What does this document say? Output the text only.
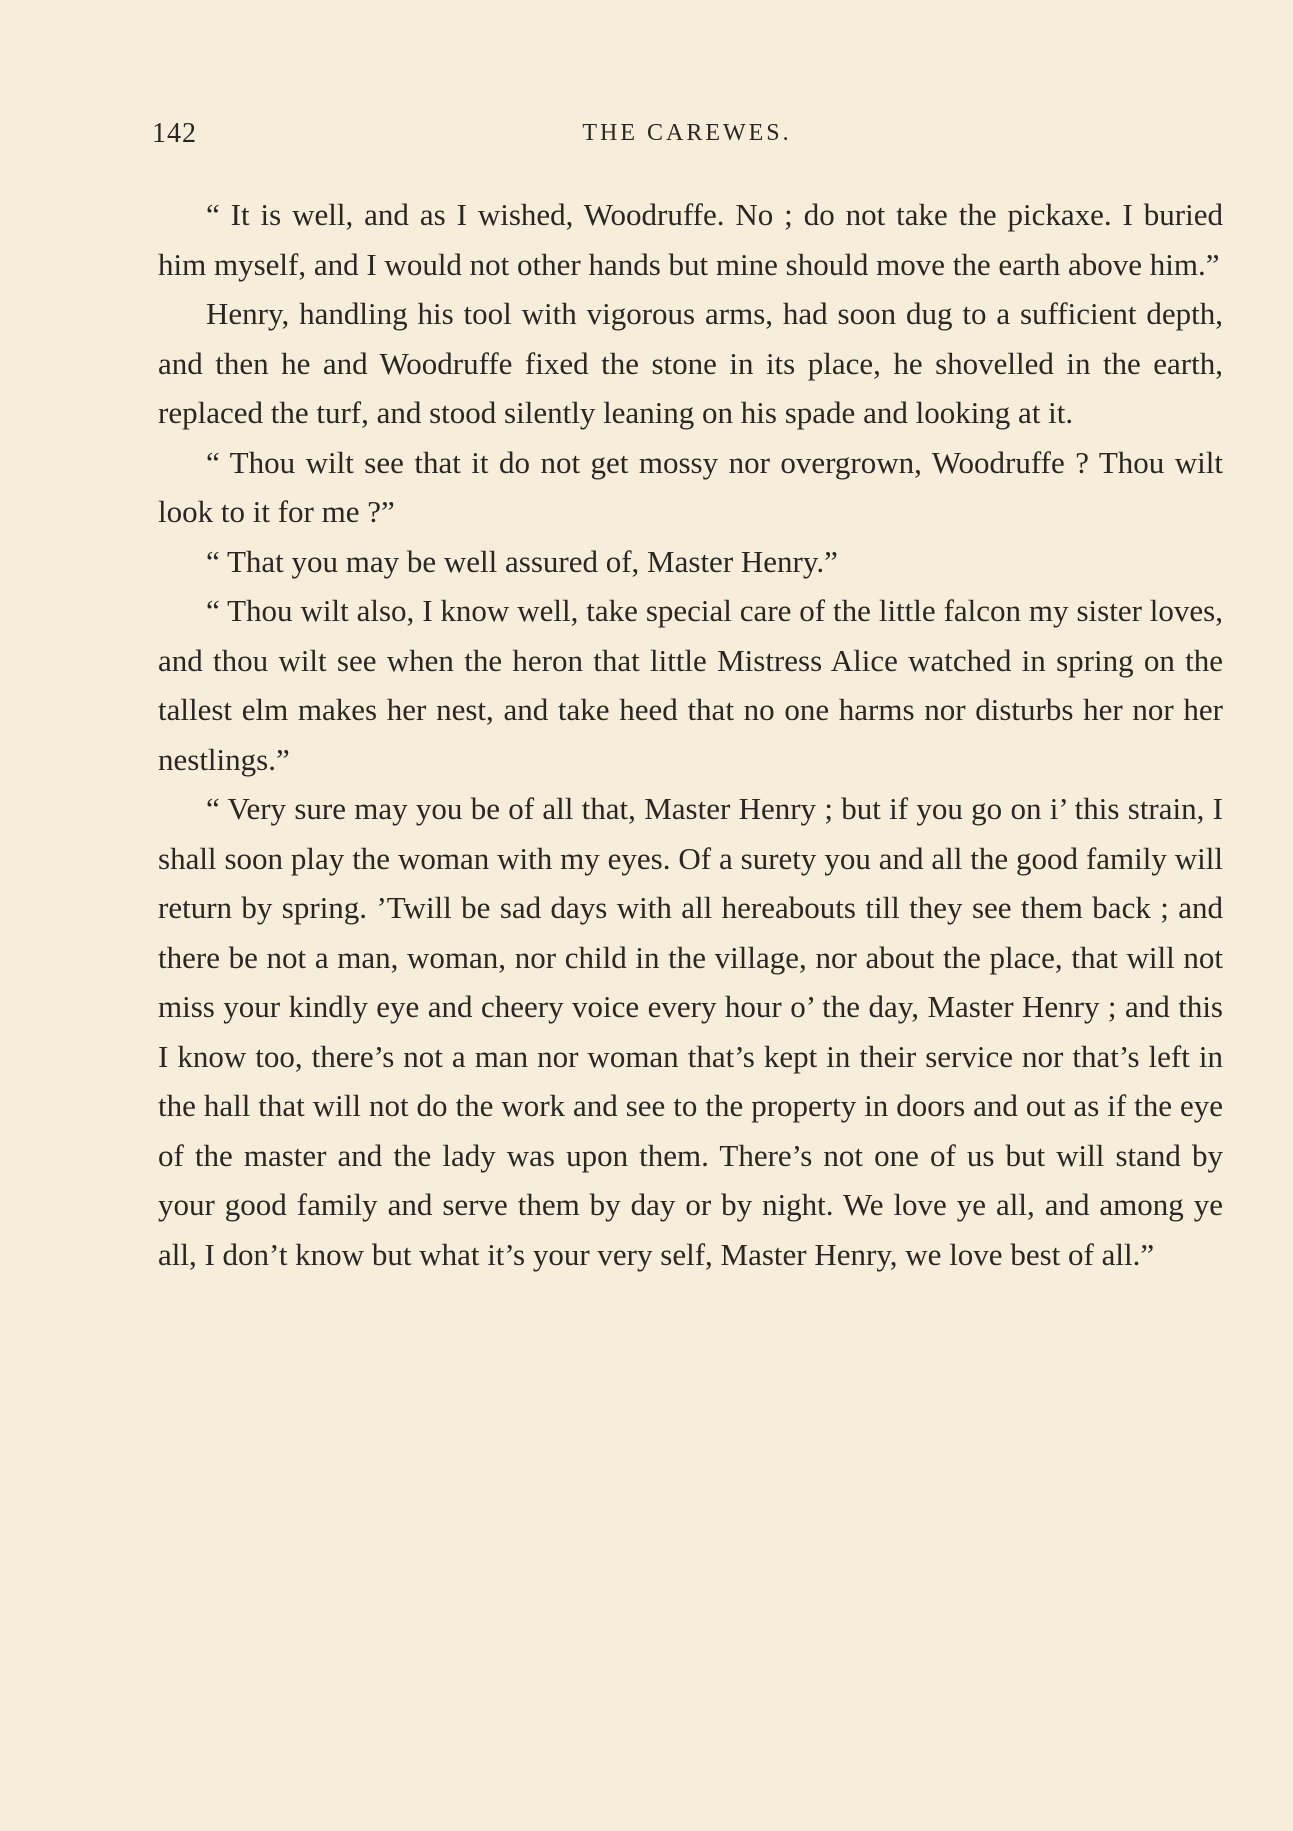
142	THE CAREWES.

“ It is well, and as I wished, Woodruffe. No ; do not take the pickaxe. I buried him myself, and I would not other hands but mine should move the earth above him.”

Henry, handling his tool with vigorous arms, had soon dug to a sufficient depth, and then he and Woodruffe fixed the stone in its place, he shovelled in the earth, replaced the turf, and stood silently leaning on his spade and looking at it.

“ Thou wilt see that it do not get mossy nor overgrown, Woodruffe ? Thou wilt look to it for me ?”

“ That you may be well assured of, Master Henry.”

“ Thou wilt also, I know well, take special care of the little falcon my sister loves, and thou wilt see when the heron that little Mistress Alice watched in spring on the tallest elm makes her nest, and take heed that no one harms nor disturbs her nor her nestlings.”

“ Very sure may you be of all that, Master Henry ; but if you go on i’ this strain, I shall soon play the woman with my eyes. Of a surety you and all the good family will return by spring. ’Twill be sad days with all hereabouts till they see them back ; and there be not a man, woman, nor child in the village, nor about the place, that will not miss your kindly eye and cheery voice every hour o’ the day, Master Henry ; and this I know too, there’s not a man nor woman that’s kept in their service nor that’s left in the hall that will not do the work and see to the property in doors and out as if the eye of the master and the lady was upon them. There’s not one of us but will stand by your good family and serve them by day or by night. We love ye all, and among ye all, I don’t know but what it’s your very self, Master Henry, we love best of all.”
